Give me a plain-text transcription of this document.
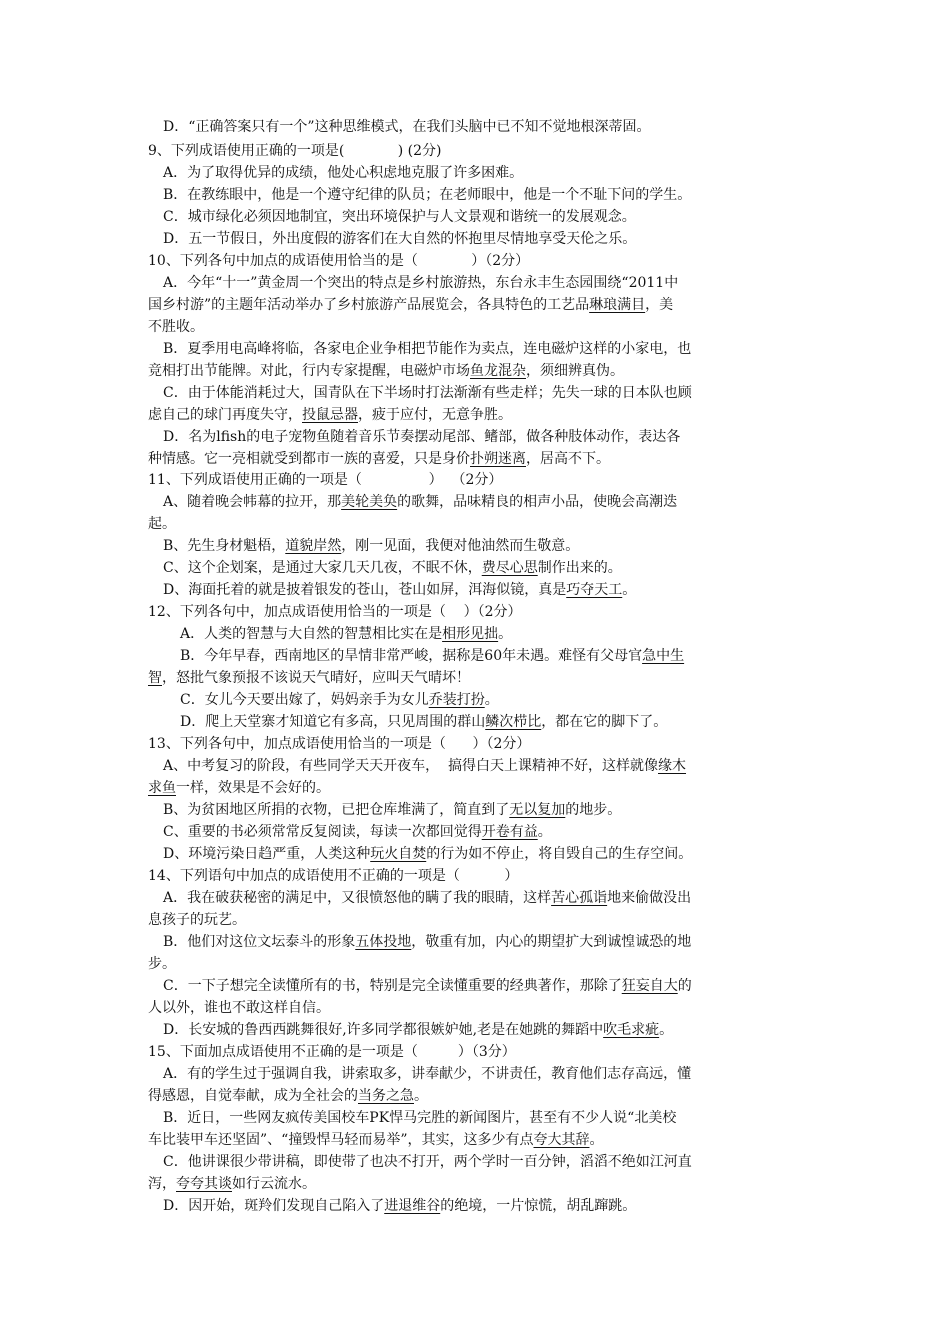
D．“正确答案只有一个”这种思维模式，在我们头脑中已不知不觉地根深蒂固。
9、下列成语使用正确的一项是(            ) (2分)
A．为了取得优异的成绩，他处心积虑地克服了许多困难。
B．在教练眼中，他是一个遵守纪律的队员；在老师眼中，他是一个不耻下问的学生。
C．城市绿化必须因地制宜，突出环境保护与人文景观和谐统一的发展观念。
D．五一节假日，外出度假的游客们在大自然的怀抱里尽情地享受天伦之乐。
10、下列各句中加点的成语使用恰当的是（            ）（2分）
A．今年“十一”黄金周一个突出的特点是乡村旅游热，东台永丰生态园围绕“2011中
国乡村游”的主题年活动举办了乡村旅游产品展览会，各具特色的工艺品琳琅满目，美
不胜收。
B．夏季用电高峰将临，各家电企业争相把节能作为卖点，连电磁炉这样的小家电，也
竞相打出节能牌。对此，行内专家提醒，电磁炉市场鱼龙混杂，须细辨真伪。
C．由于体能消耗过大，国青队在下半场时打法渐渐有些走样；先失一球的日本队也顾
虑自己的球门再度失守，投鼠忌器，疲于应付，无意争胜。
D．名为lfish的电子宠物鱼随着音乐节奏摆动尾部、鳍部，做各种肢体动作，表达各
种情感。它一亮相就受到都市一族的喜爱，只是身价扑朔迷离，居高不下。
11、下列成语使用正确的一项是（               ）  （2分）
A、随着晚会帏幕的拉开，那美轮美奂的歌舞，品味精良的相声小品，使晚会高潮迭
起。
B、先生身材魁梧，道貌岸然，刚一见面，我便对他油然而生敬意。
C、这个企划案，是通过大家几天几夜，不眠不休，费尽心思制作出来的。
D、海面托着的就是披着银发的苍山，苍山如屏，洱海似镜，真是巧夺天工。
12、下列各句中，加点成语使用恰当的一项是（    ）（2分）
A．人类的智慧与大自然的智慧相比实在是相形见拙。
B．今年早春，西南地区的旱情非常严峻，据称是60年未遇。难怪有父母官急中生
智，怒批气象预报不该说天气晴好，应叫天气晴坏！
C．女儿今天要出嫁了，妈妈亲手为女儿乔装打扮。
D．爬上天堂寨才知道它有多高，只见周围的群山鳞次栉比，都在它的脚下了。
13、下列各句中，加点成语使用恰当的一项是（      ）（2分）
A、中考复习的阶段，有些同学天天开夜车，  搞得白天上课精神不好，这样就像缘木
求鱼一样，效果是不会好的。
B、为贫困地区所捐的衣物，已把仓库堆满了，简直到了无以复加的地步。
C、重要的书必须常常反复阅读，每读一次都回觉得开卷有益。
D、环境污染日趋严重，人类这种玩火自焚的行为如不停止，将自毁自己的生存空间。
14、下列语句中加点的成语使用不正确的一项是（          ）
A．我在破获秘密的满足中，又很愤怒他的瞒了我的眼睛，这样苦心孤诣地来偷做没出
息孩子的玩艺。
B．他们对这位文坛泰斗的形象五体投地，敬重有加，内心的期望扩大到诚惶诚恐的地
步。
C．一下子想完全读懂所有的书，特别是完全读懂重要的经典著作，那除了狂妄自大的
人以外，谁也不敢这样自信。
D．长安城的鲁西西跳舞很好,许多同学都很嫉妒她,老是在她跳的舞蹈中吹毛求疵。
15、下面加点成语使用不正确的是一项是（         ）（3分）
A．有的学生过于强调自我，讲索取多，讲奉献少，不讲责任，教育他们志存高远，懂
得感恩，自觉奉献，成为全社会的当务之急。
B．近日，一些网友疯传美国校车PK悍马完胜的新闻图片，甚至有不少人说“北美校
车比装甲车还坚固”、“撞毁悍马轻而易举”，其实，这多少有点夸大其辞。
C．他讲课很少带讲稿，即使带了也决不打开，两个学时一百分钟，滔滔不绝如江河直
泻，夸夸其谈如行云流水。
D．因开始，斑羚们发现自己陷入了进退维谷的绝境，一片惊慌，胡乱蹿跳。
